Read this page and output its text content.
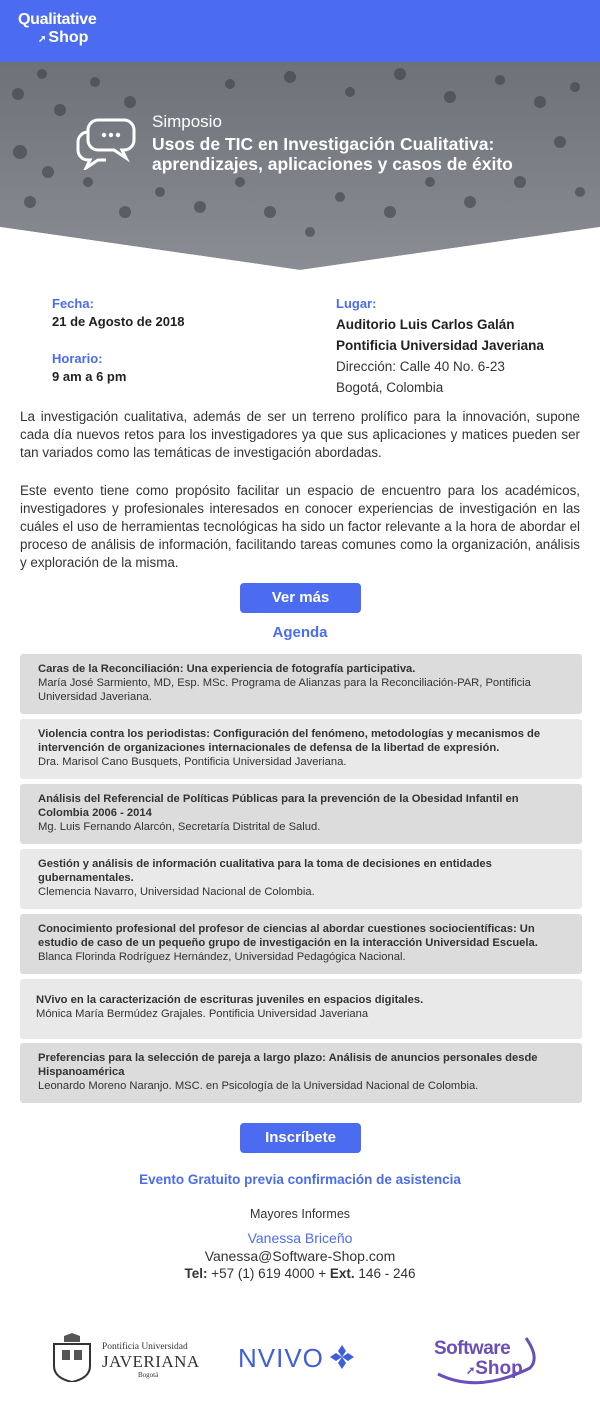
Qualitative
➚ Shop
Simposio
Usos de TIC en Investigación Cualitativa:
aprendizajes, aplicaciones y casos de éxito
Fecha:
21 de Agosto de 2018
Horario:
9 am a 6 pm
Lugar:
Auditorio Luis Carlos Galán
Pontificia Universidad Javeriana
Dirección: Calle 40 No. 6-23
Bogotá, Colombia

La investigación cualitativa, además de ser un terreno prolífico para la innovación, supone cada día nuevos retos para los investigadores ya que sus aplicaciones y matices pueden ser tan variados como las temáticas de investigación abordadas.

Este evento tiene como propósito facilitar un espacio de encuentro para los académicos, investigadores y profesionales interesados en conocer experiencias de investigación en las cuáles el uso de herramientas tecnológicas ha sido un factor relevante a la hora de abordar el proceso de análisis de información, facilitando tareas comunes como la organización, análisis y exploración de la misma.

Ver más
Agenda
Caras de la Reconciliación: Una experiencia de fotografía participativa.
María José Sarmiento, MD, Esp. MSc. Programa de Alianzas para la Reconciliación-PAR, Pontificia Universidad Javeriana.
Violencia contra los periodistas: Configuración del fenómeno, metodologías y mecanismos de intervención de organizaciones internacionales de defensa de la libertad de expresión.
Dra. Marisol Cano Busquets, Pontificia Universidad Javeriana.
Análisis del Referencial de Políticas Públicas para la prevención de la Obesidad Infantil en Colombia 2006 - 2014
Mg. Luis Fernando Alarcón, Secretaría Distrital de Salud.
Gestión y análisis de información cualitativa para la toma de decisiones en entidades gubernamentales.
Clemencia Navarro, Universidad Nacional de Colombia.
Conocimiento profesional del profesor de ciencias al abordar cuestiones sociocientíficas: Un estudio de caso de un pequeño grupo de investigación en la interacción Universidad Escuela.
Blanca Florinda Rodríguez Hernández, Universidad Pedagógica Nacional.
NVivo en la caracterización de escrituras juveniles en espacios digitales.
Mónica María Bermúdez Grajales. Pontificia Universidad Javeriana
Preferencias para la selección de pareja a largo plazo: Análisis de anuncios personales desde Hispanoamérica
Leonardo Moreno Naranjo. MSC. en Psicología de la Universidad Nacional de Colombia.
Inscríbete
Evento Gratuito previa confirmación de asistencia
Mayores Informes
Vanessa Briceño
Vanessa@Software-Shop.com
Tel: +57 (1) 619 4000 + Ext. 146 - 246
Pontificia Universidad
JAVERIANA
Bogotá
NVIVO	Software
➚Shop
